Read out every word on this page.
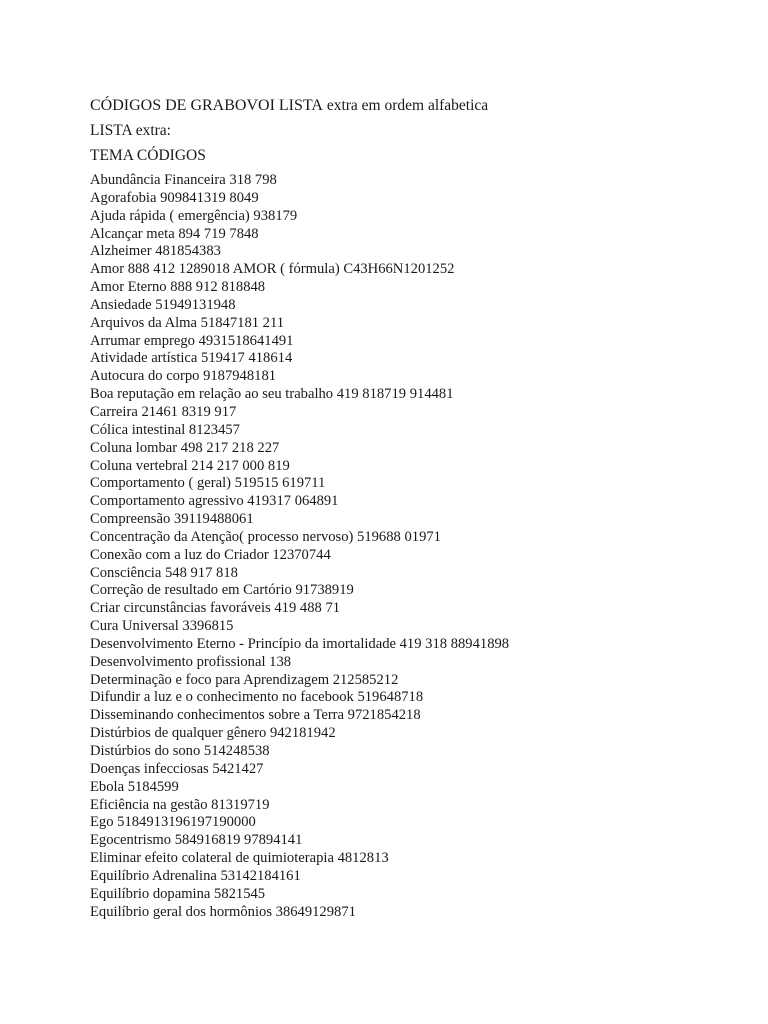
CÓDIGOS DE GRABOVOI LISTA extra em ordem alfabetica
LISTA extra:
TEMA CÓDIGOS
Abundância Financeira 318 798
Agorafobia 909841319 8049
Ajuda rápida ( emergência) 938179
Alcançar meta 894 719 7848
Alzheimer 481854383
Amor 888 412 1289018 AMOR ( fórmula) C43H66N1201252
Amor Eterno 888 912 818848
Ansiedade 51949131948
Arquivos da Alma 51847181 211
Arrumar emprego 4931518641491
Atividade artística 519417 418614
Autocura do corpo 9187948181
Boa reputação em relação ao seu trabalho 419 818719 914481
Carreira 21461 8319 917
Cólica intestinal 8123457
Coluna lombar 498 217 218 227
Coluna vertebral 214 217 000 819
Comportamento ( geral) 519515 619711
Comportamento agressivo 419317 064891
Compreensão 39119488061
Concentração da Atenção( processo nervoso) 519688 01971
Conexão com a luz do Criador 12370744
Consciência 548 917 818
Correção de resultado em Cartório 91738919
Criar circunstâncias favoráveis 419 488 71
Cura Universal 3396815
Desenvolvimento Eterno - Princípio da imortalidade 419 318 88941898
Desenvolvimento profissional 138
Determinação e foco para Aprendizagem 212585212
Difundir a luz e o conhecimento no facebook 519648718
Disseminando conhecimentos sobre a Terra 9721854218
Distúrbios de qualquer gênero 942181942
Distúrbios do sono 514248538
Doenças infecciosas 5421427
Ebola 5184599
Eficiência na gestão 81319719
Ego 5184913196197190000
Egocentrismo 584916819 97894141
Eliminar efeito colateral de quimioterapia 4812813
Equilíbrio Adrenalina 53142184161
Equilíbrio dopamina 5821545
Equilíbrio geral dos hormônios 38649129871
